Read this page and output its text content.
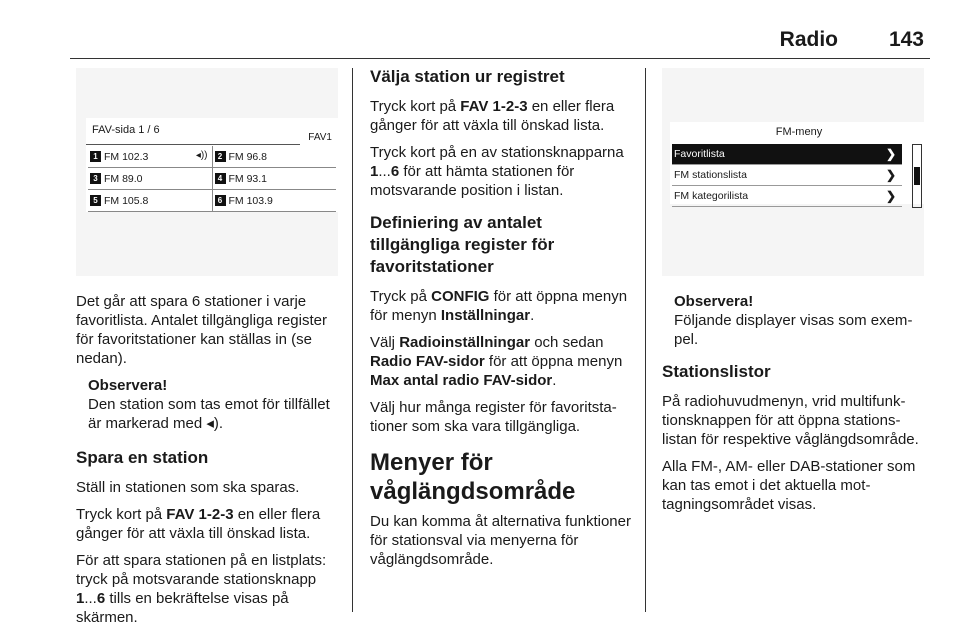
Radio 143
FAV-sida 1 / 6
FAV1
1 FM 102.3	◂))	2 FM 96.8
3 FM 89.0	4 FM 93.1
5 FM 105.8	6 FM 103.9

Det går att spara 6 stationer i varje favoritlista. Antalet tillgängliga register för favoritstationer kan ställas in (se nedan).

Observera!

Den station som tas emot för tillfället är markerad med ◂).

Spara en station

Ställ in stationen som ska sparas.

Tryck kort på FAV 1-2-3 en eller flera gånger för att växla till önskad lista.

För att spara stationen på en listplats: tryck på motsvarande stationsknapp 1...6 tills en bekräftelse visas på skärmen.

Välja station ur registret

Tryck kort på FAV 1-2-3 en eller flera gånger för att växla till önskad lista.

Tryck kort på en av stationsknapparna 1...6 för att hämta stationen för motsvarande position i listan.

Definiering av antalet tillgängliga register för favoritstationer

Tryck på CONFIG för att öppna menyn för menyn Inställningar.

Välj Radioinställningar och sedan Radio FAV-sidor för att öppna menyn Max antal radio FAV-sidor.

Välj hur många register för favoritstationer som ska vara tillgängliga.

Menyer för våglängdsområde

Du kan komma åt alternativa funktioner för stationsval via menyerna för våglängdsområde.

FM-meny
Favoritlista	❯
FM stationslista	❯
FM kategorilista	❯
Observera!

Följande displayer visas som exempel.

Stationslistor

På radiohuvudmenyn, vrid multifunktionsknappen för att öppna stationslistan för respektive våglängdsområde.

Alla FM-, AM- eller DAB-stationer som kan tas emot i det aktuella mottagningsområdet visas.
